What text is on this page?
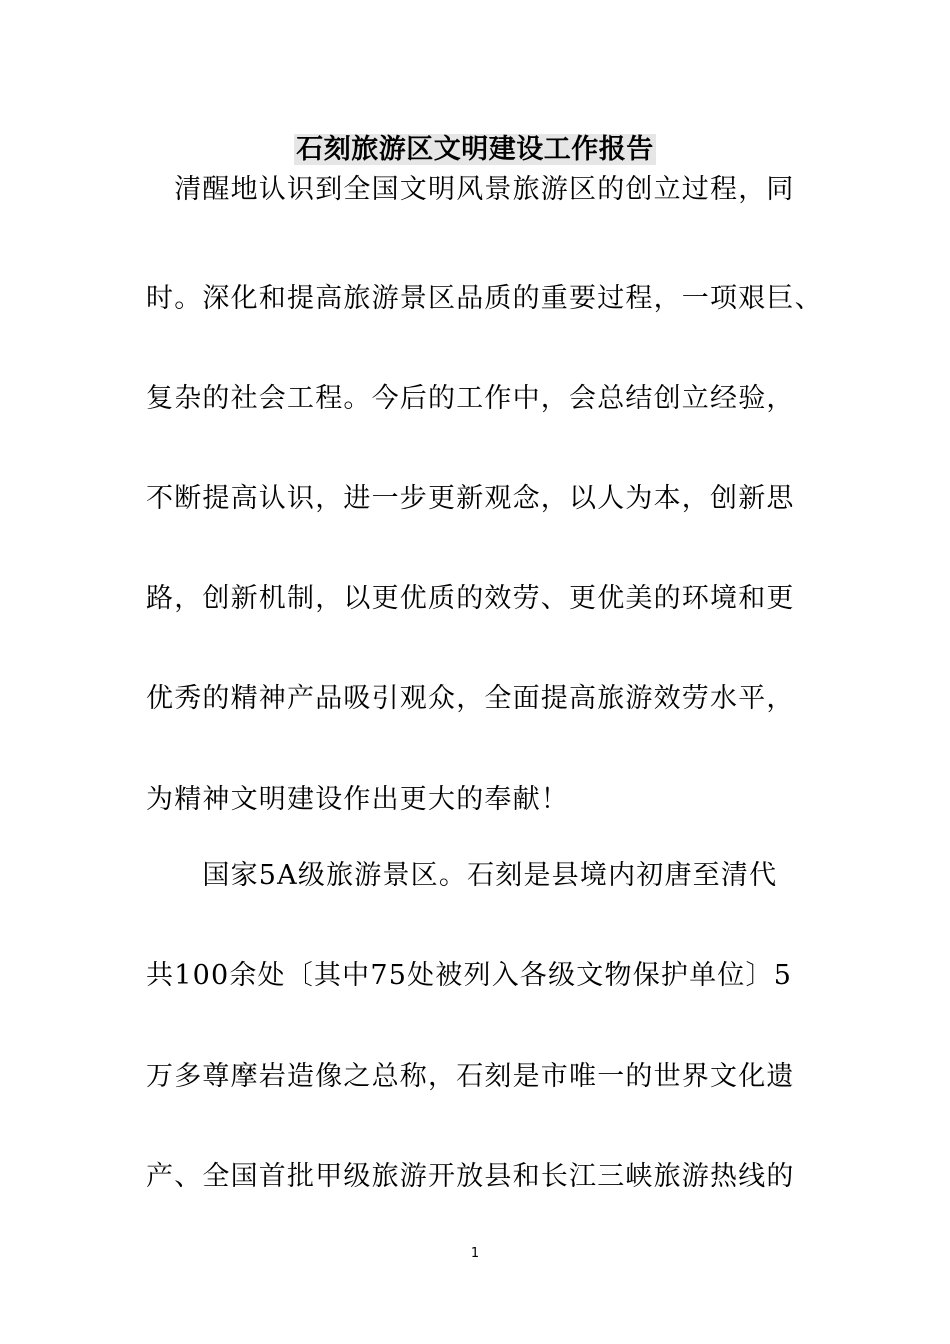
石刻旅游区文明建设工作报告
　清醒地认识到全国文明风景旅游区的创立过程，同
时。深化和提高旅游景区品质的重要过程，一项艰巨、
复杂的社会工程。今后的工作中，会总结创立经验，
不断提高认识，进一步更新观念，以人为本，创新思
路，创新机制，以更优质的效劳、更优美的环境和更
优秀的精神产品吸引观众，全面提高旅游效劳水平，
为精神文明建设作出更大的奉献！
　　国家5A级旅游景区。石刻是县境内初唐至清代
共100余处〔其中75处被列入各级文物保护单位〕5
万多尊摩岩造像之总称，石刻是市唯一的世界文化遗
产、全国首批甲级旅游开放县和长江三峡旅游热线的
1
